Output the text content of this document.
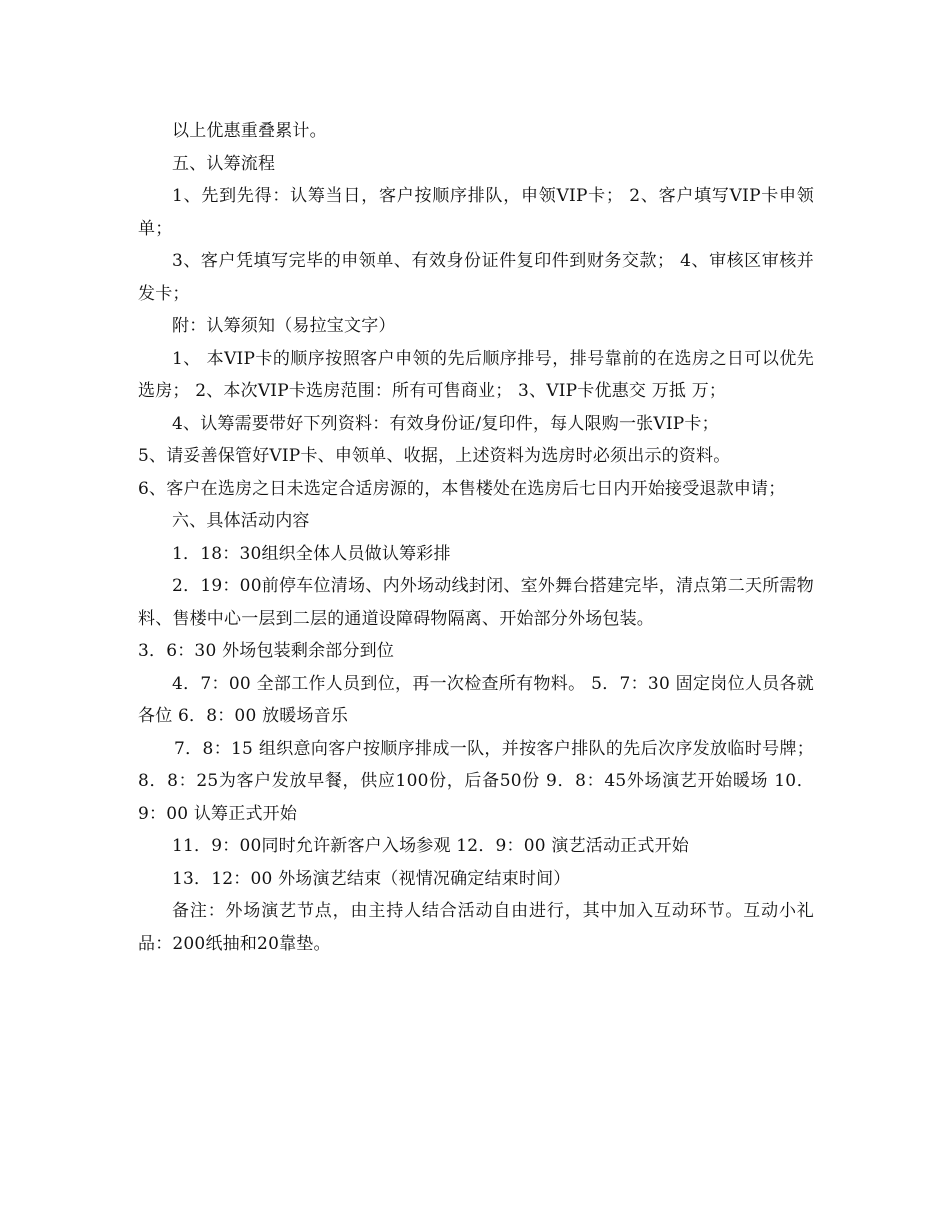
以上优惠重叠累计。

五、认筹流程

1、先到先得：认筹当日，客户按顺序排队，申领VIP卡； 2、客户填写VIP卡申领单；

3、客户凭填写完毕的申领单、有效身份证件复印件到财务交款； 4、审核区审核并发卡；

附：认筹须知（易拉宝文字）

1、 本VIP卡的顺序按照客户申领的先后顺序排号，排号靠前的在选房之日可以优先选房； 2、本次VIP卡选房范围：所有可售商业； 3、VIP卡优惠交 万抵 万；

4、认筹需要带好下列资料：有效身份证/复印件，每人限购一张VIP卡；

5、请妥善保管好VIP卡、申领单、收据，上述资料为选房时必须出示的资料。

6、客户在选房之日未选定合适房源的，本售楼处在选房后七日内开始接受退款申请；

六、具体活动内容

1．18：30组织全体人员做认筹彩排

2．19：00前停车位清场、内外场动线封闭、室外舞台搭建完毕，清点第二天所需物料、售楼中心一层到二层的通道设障碍物隔离、开始部分外场包装。

3．6：30 外场包装剩余部分到位

4．7：00 全部工作人员到位，再一次检查所有物料。 5．7：30 固定岗位人员各就各位 6．8：00 放暖场音乐

7．8：15 组织意向客户按顺序排成一队，并按客户排队的先后次序发放临时号牌； 8．8：25为客户发放早餐，供应100份，后备50份 9．8：45外场演艺开始暖场 10．9：00 认筹正式开始

11．9：00同时允许新客户入场参观 12．9：00 演艺活动正式开始

13．12：00 外场演艺结束（视情况确定结束时间）

备注：外场演艺节点，由主持人结合活动自由进行，其中加入互动环节。互动小礼品：200纸抽和20靠垫。
